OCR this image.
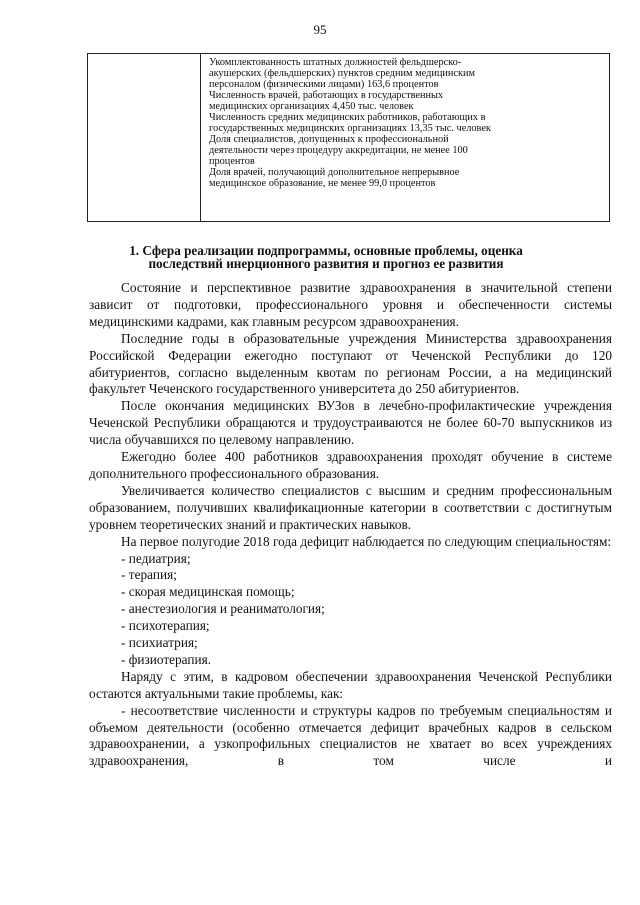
95

Укомплектованность штатных должностей фельдшерско-

акушерских (фельдшерских) пунктов средним медицинским

персоналом (физическими лицами) 163,6 процентов

Численность врачей, работающих в государственных

медицинских организациях 4,450 тыс. человек

Численность средних медицинских работников, работающих в

государственных медицинских организациях 13,35 тыс. человек

Доля специалистов, допущенных к профессиональной

деятельности через процедуру аккредитации, не менее 100

процентов

Доля врачей, получающий дополнительное непрерывное

медицинское образование, не менее 99,0 процентов

1. Сфера реализации подпрограммы, основные проблемы, оценка
последствий инерционного развития и прогноз ее развития

Состояние и перспективное развитие здравоохранения в значительной степени зависит от подготовки, профессионального уровня и обеспеченности системы медицинскими кадрами, как главным ресурсом здравоохранения.

Последние годы в образовательные учреждения Министерства здравоохранения Российской Федерации ежегодно поступают от Чеченской Республики до 120 абитуриентов, согласно выделенным квотам по регионам России, а на медицинский факультет Чеченского государственного университета до 250 абитуриентов.

После окончания медицинских ВУЗов в лечебно-профилактические учреждения Чеченской Республики обращаются и трудоустраиваются не более 60-70 выпускников из числа обучавшихся по целевому направлению.

Ежегодно более 400 работников здравоохранения проходят обучение в системе дополнительного профессионального образования.

Увеличивается количество специалистов с высшим и средним профессиональным образованием, получивших квалификационные категории в соответствии с достигнутым уровнем теоретических знаний и практических навыков.

На первое полугодие 2018 года дефицит наблюдается по следующим специальностям:

- педиатрия;
- терапия;
- скорая медицинская помощь;
- анестезиология и реаниматология;
- психотерапия;
- психиатрия;
- физиотерапия.

Наряду с этим, в кадровом обеспечении здравоохранения Чеченской Республики остаются актуальными такие проблемы, как:

- несоответствие численности и структуры кадров по требуемым специальностям и объемом деятельности (особенно отмечается дефицит врачебных кадров в сельском здравоохранении, а узкопрофильных специалистов не хватает во всех учреждениях здравоохранения, в том числе и
